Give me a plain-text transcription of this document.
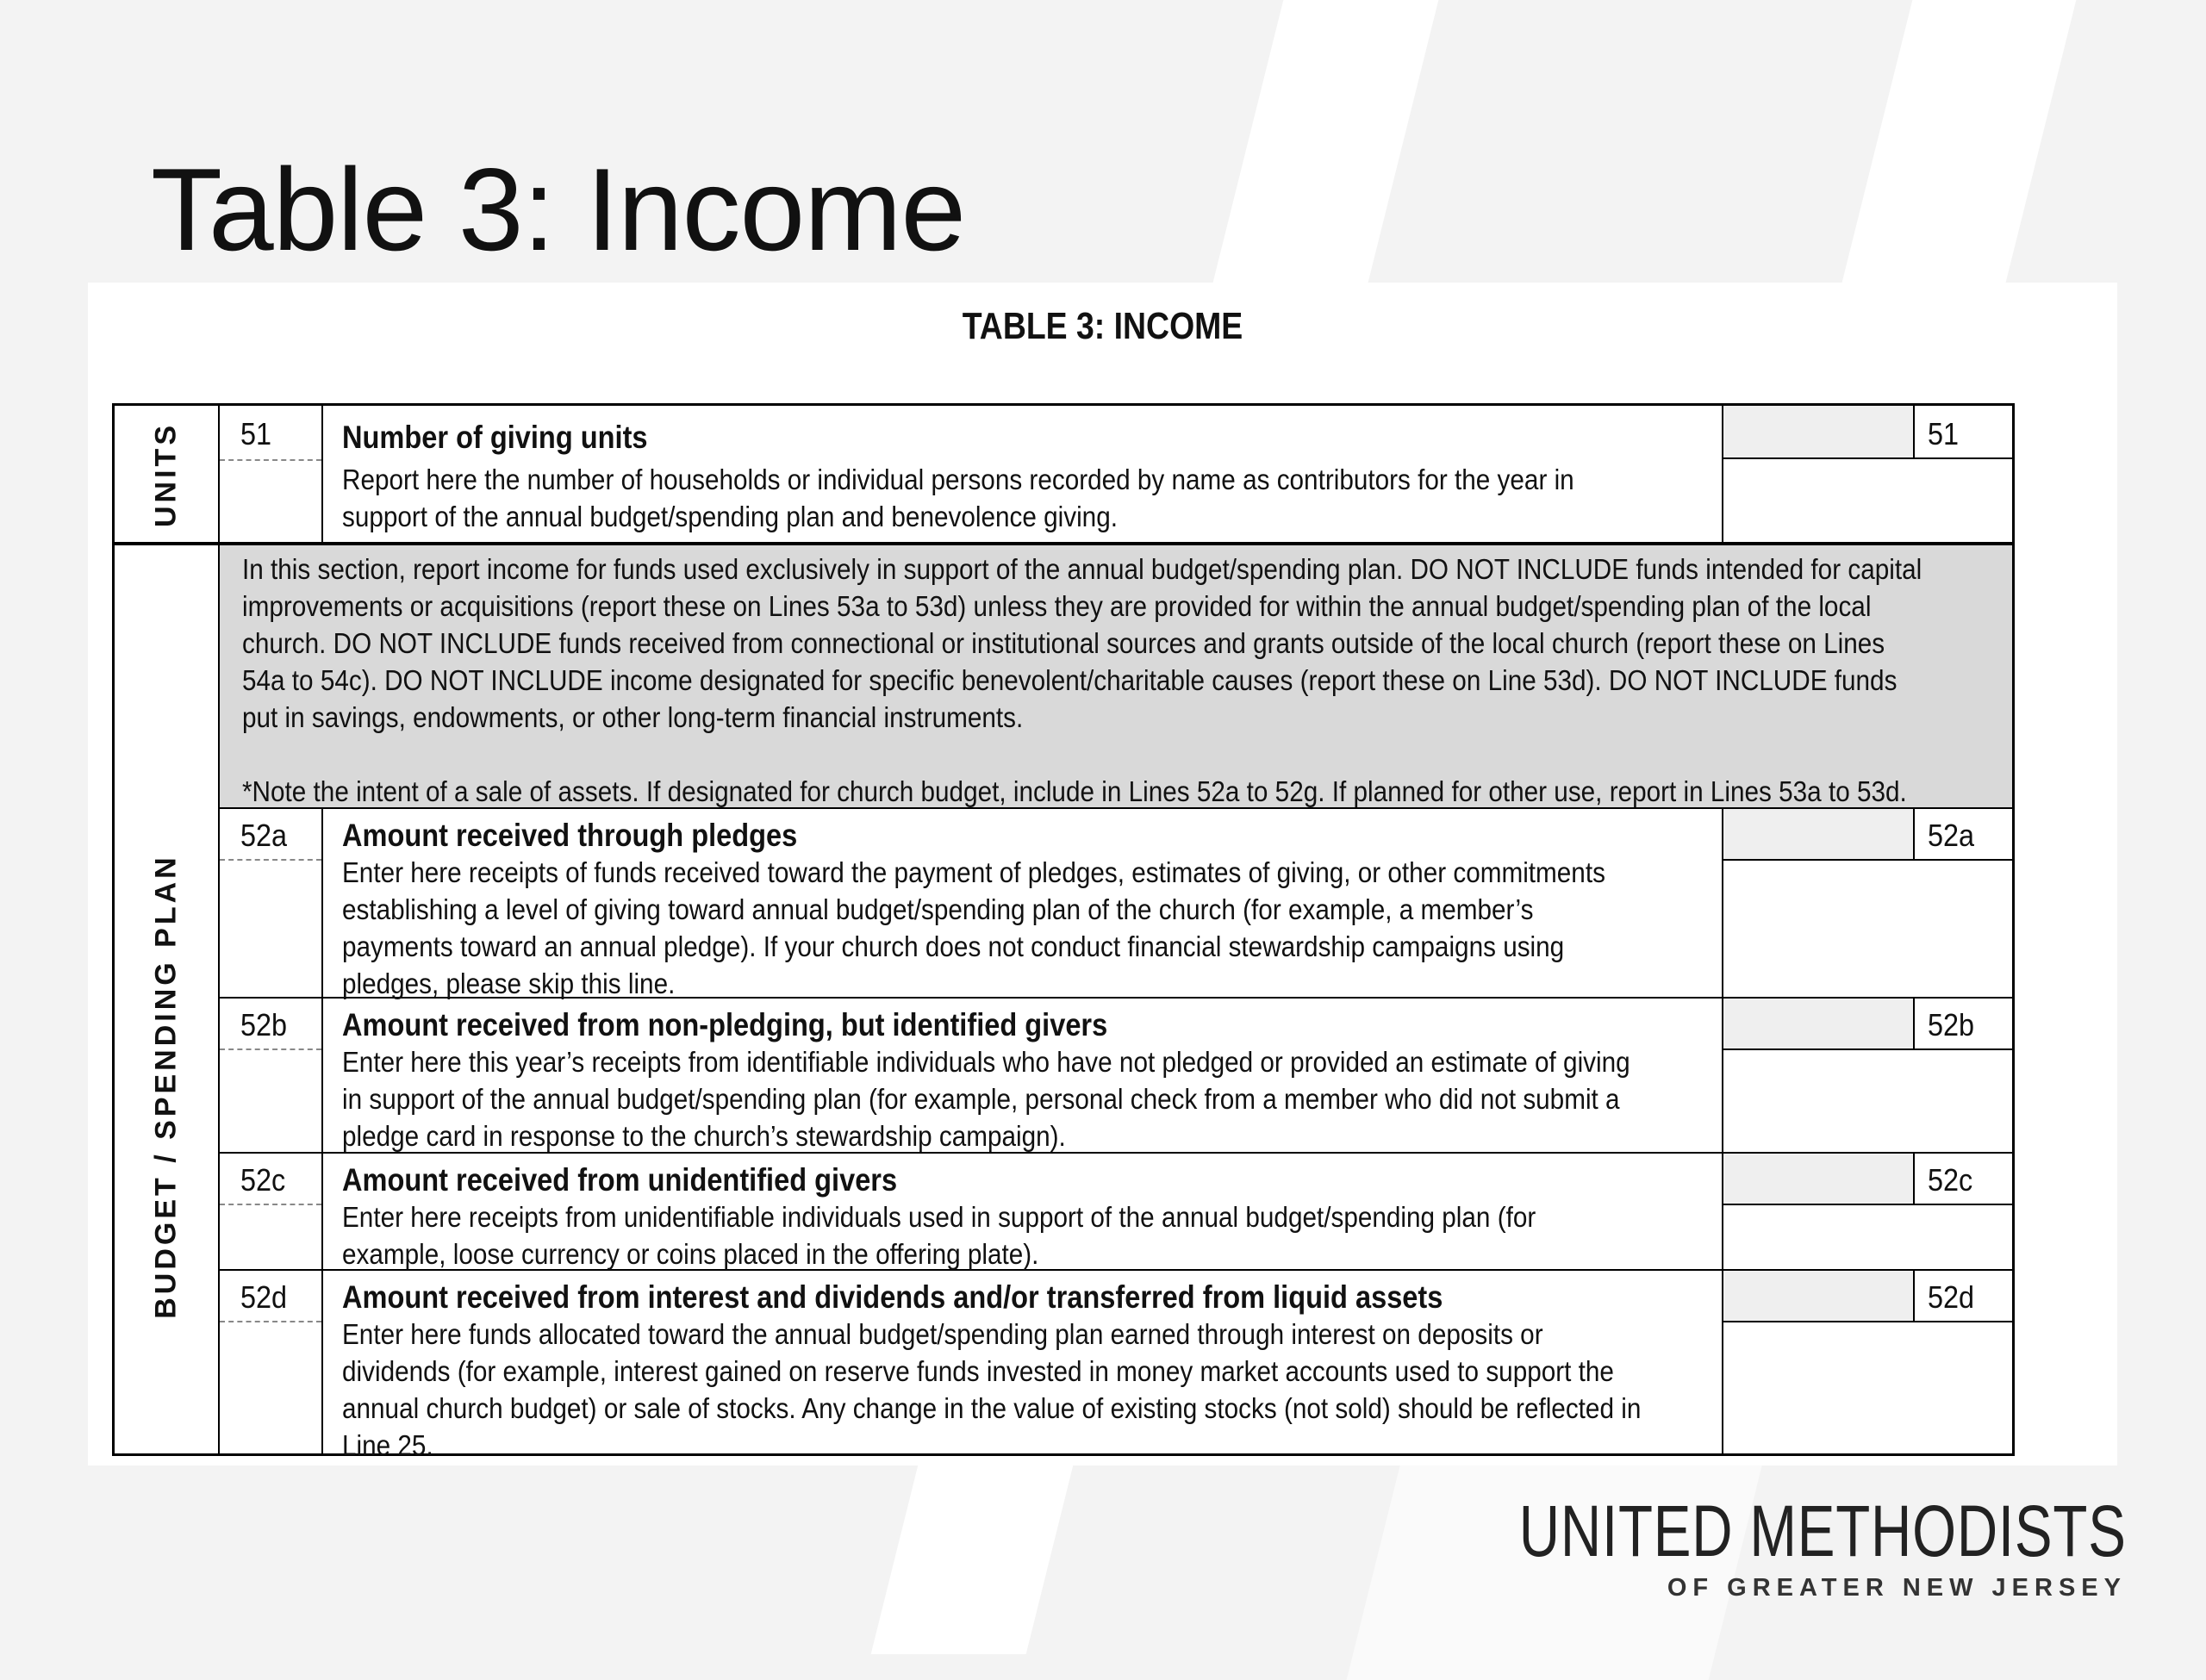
Table 3: Income
TABLE 3: INCOME
UNITS
BUDGET / SPENDING PLAN
51 Number of giving units
Report here the number of households or individual persons recorded by name as contributors for the year in
support of the annual budget/spending plan and benevolence giving.
51
In this section, report income for funds used exclusively in support of the annual budget/spending plan. DO NOT INCLUDE funds intended for capital
improvements or acquisitions (report these on Lines 53a to 53d) unless they are provided for within the annual budget/spending plan of the local
church. DO NOT INCLUDE funds received from connectional or institutional sources and grants outside of the local church (report these on Lines
54a to 54c). DO NOT INCLUDE income designated for specific benevolent/charitable causes (report these on Line 53d). DO NOT INCLUDE funds
put in savings, endowments, or other long-term financial instruments.
*Note the intent of a sale of assets. If designated for church budget, include in Lines 52a to 52g. If planned for other use, report in Lines 53a to 53d.
52a Amount received through pledges
Enter here receipts of funds received toward the payment of pledges, estimates of giving, or other commitments
establishing a level of giving toward annual budget/spending plan of the church (for example, a member’s
payments toward an annual pledge). If your church does not conduct financial stewardship campaigns using
pledges, please skip this line.
52a
52b Amount received from non-pledging, but identified givers
Enter here this year’s receipts from identifiable individuals who have not pledged or provided an estimate of giving
in support of the annual budget/spending plan (for example, personal check from a member who did not submit a
pledge card in response to the church’s stewardship campaign).
52b
52c Amount received from unidentified givers
Enter here receipts from unidentifiable individuals used in support of the annual budget/spending plan (for
example, loose currency or coins placed in the offering plate).
52c
52d Amount received from interest and dividends and/or transferred from liquid assets
Enter here funds allocated toward the annual budget/spending plan earned through interest on deposits or
dividends (for example, interest gained on reserve funds invested in money market accounts used to support the
annual church budget) or sale of stocks. Any change in the value of existing stocks (not sold) should be reflected in
Line 25.
52d
UNITED METHODISTS
OF GREATER NEW JERSEY
